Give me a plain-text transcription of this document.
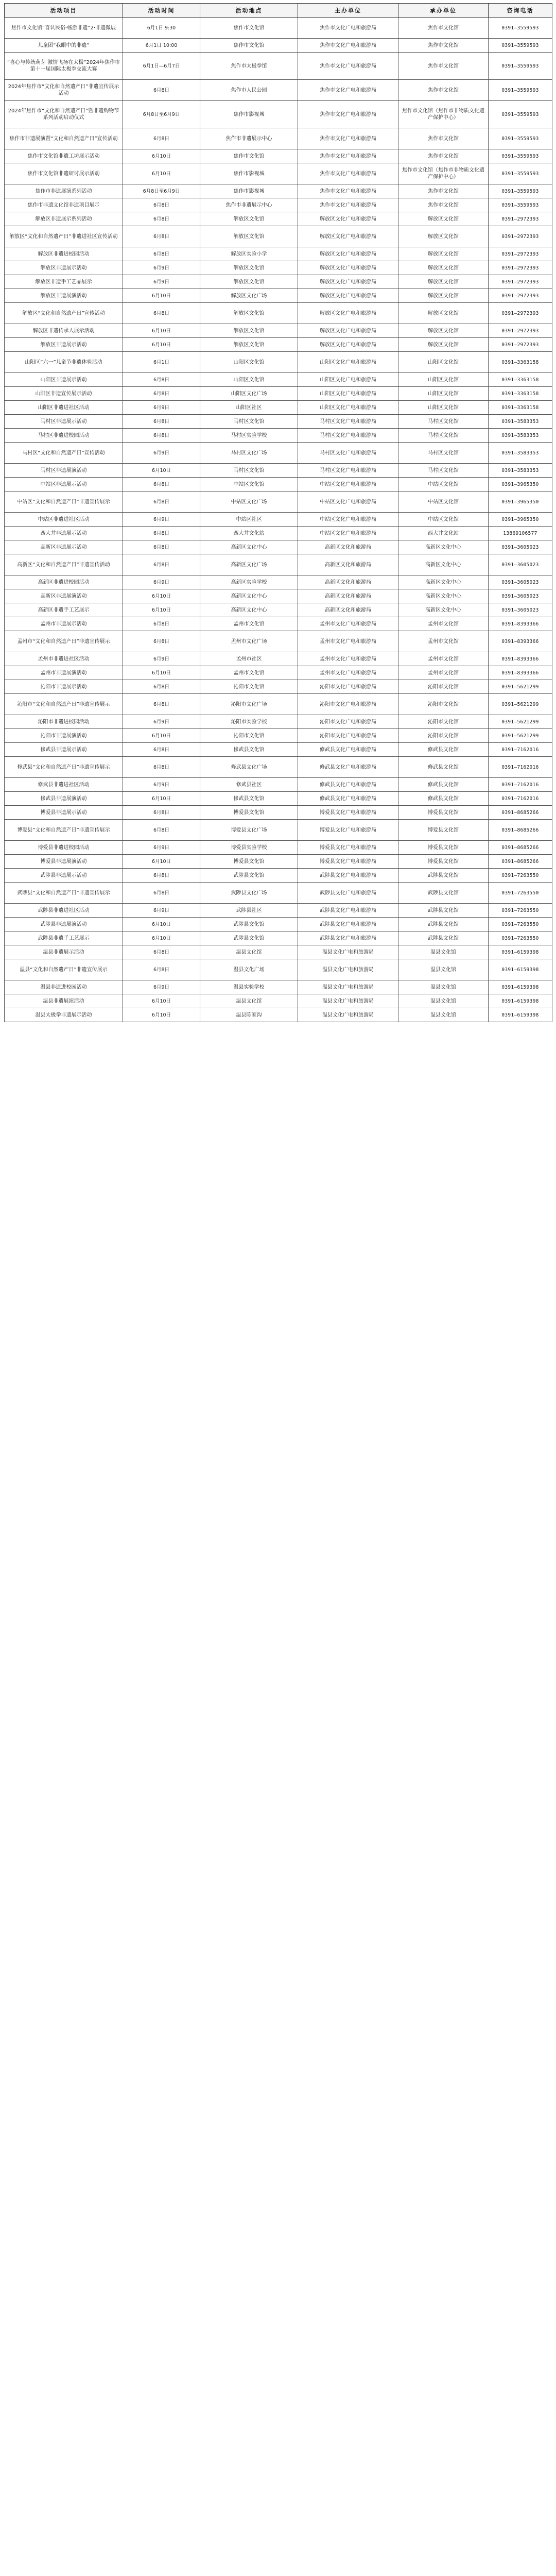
活动项目	活动时间	活动地点	主办单位	承办单位	咨询电话
焦作市文化馆“喜认民俗·畅游非遗”2·非遗微展	6月1日 9:30	焦作市文化馆	焦作市文化广电和旅游局	焦作市文化馆	0391—3559593
儿童团“我眼中的非遗”	6月1日 10:00	焦作市文化馆	焦作市文化广电和旅游局	焦作市文化馆	0391—3559593
“喜心与传统萌芽 激情飞扬在太极”2024年焦作市第十一届国际太极拳交流大赛	6月1日—6月7日	焦作市太极拳馆	焦作市文化广电和旅游局	焦作市文化馆	0391—3559593
2024年焦作市“文化和自然遗产日”非遗宣传展示活动	6月8日	焦作市人民公园	焦作市文化广电和旅游局	焦作市文化馆	0391—3559593
2024年焦作市“文化和自然遗产日”暨非遗购物节系列活动启动仪式	6月8日至6月9日	焦作市影视城	焦作市文化广电和旅游局	焦作市文化馆（焦作市非物质文化遗产保护中心）	0391—3559593
焦作市非遗展演暨“文化和自然遗产日”宣传活动	6月8日	焦作市非遗展示中心	焦作市文化广电和旅游局	焦作市文化馆	0391—3559593
焦作市文化馆非遗工坊展示活动	6月10日	焦作市文化馆	焦作市文化广电和旅游局	焦作市文化馆	0391—3559593
焦作市文化馆非遗研讨展示活动	6月10日	焦作市影视城	焦作市文化广电和旅游局	焦作市文化馆（焦作市非物质文化遗产保护中心）	0391—3559593
焦作市非遗展演系列活动	6月8日至6月9日	焦作市影视城	焦作市文化广电和旅游局	焦作市文化馆	0391—3559593
焦作市非遗文化馆非遗项目展示	6月8日	焦作市非遗展示中心	焦作市文化广电和旅游局	焦作市文化馆	0391—3559593
解放区非遗展示系列活动	6月8日	解放区文化馆	解放区文化广电和旅游局	解放区文化馆	0391—2972393
解放区“文化和自然遗产日”非遗进社区宣传活动	6月8日	解放区文化馆	解放区文化广电和旅游局	解放区文化馆	0391—2972393
解放区非遗进校园活动	6月8日	解放区实验小学	解放区文化广电和旅游局	解放区文化馆	0391—2972393
解放区非遗展示活动	6月9日	解放区文化馆	解放区文化广电和旅游局	解放区文化馆	0391—2972393
解放区非遗手工艺品展示	6月9日	解放区文化馆	解放区文化广电和旅游局	解放区文化馆	0391—2972393
解放区非遗展演活动	6月10日	解放区文化广场	解放区文化广电和旅游局	解放区文化馆	0391—2972393
解放区“文化和自然遗产日”宣传活动	6月8日	解放区文化馆	解放区文化广电和旅游局	解放区文化馆	0391—2972393
解放区非遗传承人展示活动	6月10日	解放区文化馆	解放区文化广电和旅游局	解放区文化馆	0391—2972393
解放区非遗展示活动	6月10日	解放区文化馆	解放区文化广电和旅游局	解放区文化馆	0391—2972393
山阳区“六一”儿童节非遗体验活动	6月1日	山阳区文化馆	山阳区文化广电和旅游局	山阳区文化馆	0391—3363158
山阳区非遗展示活动	6月8日	山阳区文化馆	山阳区文化广电和旅游局	山阳区文化馆	0391—3363158
山阳区非遗宣传展示活动	6月8日	山阳区文化广场	山阳区文化广电和旅游局	山阳区文化馆	0391—3363158
山阳区非遗进社区活动	6月9日	山阳区社区	山阳区文化广电和旅游局	山阳区文化馆	0391—3363158
马村区非遗展示活动	6月8日	马村区文化馆	马村区文化广电和旅游局	马村区文化馆	0391—3583353
马村区非遗进校园活动	6月8日	马村区实验学校	马村区文化广电和旅游局	马村区文化馆	0391—3583353
马村区“文化和自然遗产日”宣传活动	6月9日	马村区文化广场	马村区文化广电和旅游局	马村区文化馆	0391—3583353
马村区非遗展演活动	6月10日	马村区文化馆	马村区文化广电和旅游局	马村区文化馆	0391—3583353
中站区非遗展示活动	6月8日	中站区文化馆	中站区文化广电和旅游局	中站区文化馆	0391—3965350
中站区“文化和自然遗产日”非遗宣传展示	6月8日	中站区文化广场	中站区文化广电和旅游局	中站区文化馆	0391—3965350
中站区非遗进社区活动	6月9日	中站区社区	中站区文化广电和旅游局	中站区文化馆	0391—3965350
西大井非遗展示活动	6月8日	西大井文化站	中站区文化广电和旅游局	西大井文化站	13869106577
高新区非遗展示活动	6月8日	高新区文化中心	高新区文化和旅游局	高新区文化中心	0391—3605023
高新区“文化和自然遗产日”非遗宣传活动	6月8日	高新区文化广场	高新区文化和旅游局	高新区文化中心	0391—3605023
高新区非遗进校园活动	6月9日	高新区实验学校	高新区文化和旅游局	高新区文化中心	0391—3605023
高新区非遗展演活动	6月10日	高新区文化中心	高新区文化和旅游局	高新区文化中心	0391—3605023
高新区非遗手工艺展示	6月10日	高新区文化中心	高新区文化和旅游局	高新区文化中心	0391—3605023
孟州市非遗展示活动	6月8日	孟州市文化馆	孟州市文化广电和旅游局	孟州市文化馆	0391—8393366
孟州市“文化和自然遗产日”非遗宣传展示	6月8日	孟州市文化广场	孟州市文化广电和旅游局	孟州市文化馆	0391—8393366
孟州市非遗进社区活动	6月9日	孟州市社区	孟州市文化广电和旅游局	孟州市文化馆	0391—8393366
孟州市非遗展演活动	6月10日	孟州市文化馆	孟州市文化广电和旅游局	孟州市文化馆	0391—8393366
沁阳市非遗展示活动	6月8日	沁阳市文化馆	沁阳市文化广电和旅游局	沁阳市文化馆	0391—5621299
沁阳市“文化和自然遗产日”非遗宣传展示	6月8日	沁阳市文化广场	沁阳市文化广电和旅游局	沁阳市文化馆	0391—5621299
沁阳市非遗进校园活动	6月9日	沁阳市实验学校	沁阳市文化广电和旅游局	沁阳市文化馆	0391—5621299
沁阳市非遗展演活动	6月10日	沁阳市文化馆	沁阳市文化广电和旅游局	沁阳市文化馆	0391—5621299
修武县非遗展示活动	6月8日	修武县文化馆	修武县文化广电和旅游局	修武县文化馆	0391—7162016
修武县“文化和自然遗产日”非遗宣传展示	6月8日	修武县文化广场	修武县文化广电和旅游局	修武县文化馆	0391—7162016
修武县非遗进社区活动	6月9日	修武县社区	修武县文化广电和旅游局	修武县文化馆	0391—7162016
修武县非遗展演活动	6月10日	修武县文化馆	修武县文化广电和旅游局	修武县文化馆	0391—7162016
博爱县非遗展示活动	6月8日	博爱县文化馆	博爱县文化广电和旅游局	博爱县文化馆	0391—8685266
博爱县“文化和自然遗产日”非遗宣传展示	6月8日	博爱县文化广场	博爱县文化广电和旅游局	博爱县文化馆	0391—8685266
博爱县非遗进校园活动	6月9日	博爱县实验学校	博爱县文化广电和旅游局	博爱县文化馆	0391—8685266
博爱县非遗展演活动	6月10日	博爱县文化馆	博爱县文化广电和旅游局	博爱县文化馆	0391—8685266
武陟县非遗展示活动	6月8日	武陟县文化馆	武陟县文化广电和旅游局	武陟县文化馆	0391—7263550
武陟县“文化和自然遗产日”非遗宣传展示	6月8日	武陟县文化广场	武陟县文化广电和旅游局	武陟县文化馆	0391—7263550
武陟县非遗进社区活动	6月9日	武陟县社区	武陟县文化广电和旅游局	武陟县文化馆	0391—7263550
武陟县非遗展演活动	6月10日	武陟县文化馆	武陟县文化广电和旅游局	武陟县文化馆	0391—7263550
武陟县非遗手工艺展示	6月10日	武陟县文化馆	武陟县文化广电和旅游局	武陟县文化馆	0391—7263550
温县非遗展示活动	6月8日	温县文化馆	温县文化广电和旅游局	温县文化馆	0391—6159398
温县“文化和自然遗产日”非遗宣传展示	6月8日	温县文化广场	温县文化广电和旅游局	温县文化馆	0391—6159398
温县非遗进校园活动	6月9日	温县实验学校	温县文化广电和旅游局	温县文化馆	0391—6159398
温县非遗展演活动	6月10日	温县文化馆	温县文化广电和旅游局	温县文化馆	0391—6159398
温县太极拳非遗展示活动	6月10日	温县陈家沟	温县文化广电和旅游局	温县文化馆	0391—6159398
